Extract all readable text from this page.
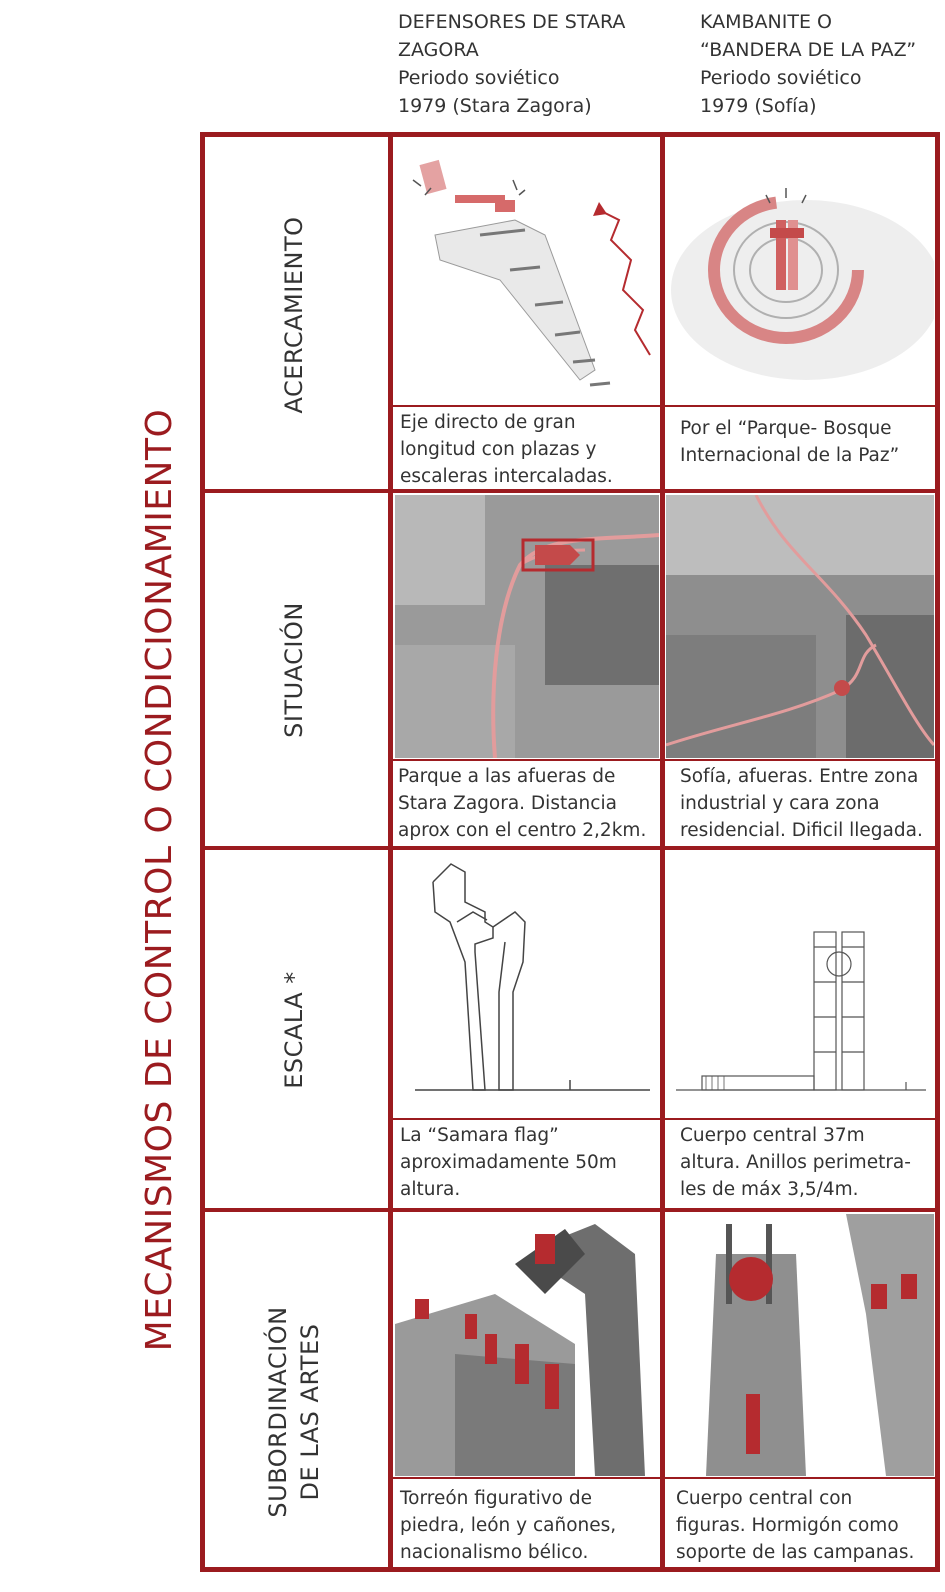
DEFENSORES DE STARA
ZAGORA
Periodo soviético
1979 (Stara Zagora)
KAMBANITE O
“BANDERA DE LA PAZ”
Periodo soviético
1979 (Sofía)
MECANISMOS DE CONTROL O CONDICIONAMIENTO
ACERCAMIENTO
SITUACIÓN
ESCALA *
SUBORDINACIÓN DE LAS ARTES
Eje directo de gran
longitud con plazas y
escaleras intercaladas.
Por el “Parque- Bosque
Internacional de la Paz”
Parque a las afueras de
Stara Zagora. Distancia
aprox con el centro 2,2km.
Sofía, afueras. Entre zona
industrial y cara zona
residencial. Dificil llegada.
La “Samara flag”
aproximadamente 50m
altura.
Cuerpo central 37m
altura. Anillos perimetra-
les de máx 3,5/4m.
Torreón figurativo de
piedra, león y cañones,
nacionalismo bélico.
Cuerpo central con
figuras. Hormigón como
soporte de las campanas.
